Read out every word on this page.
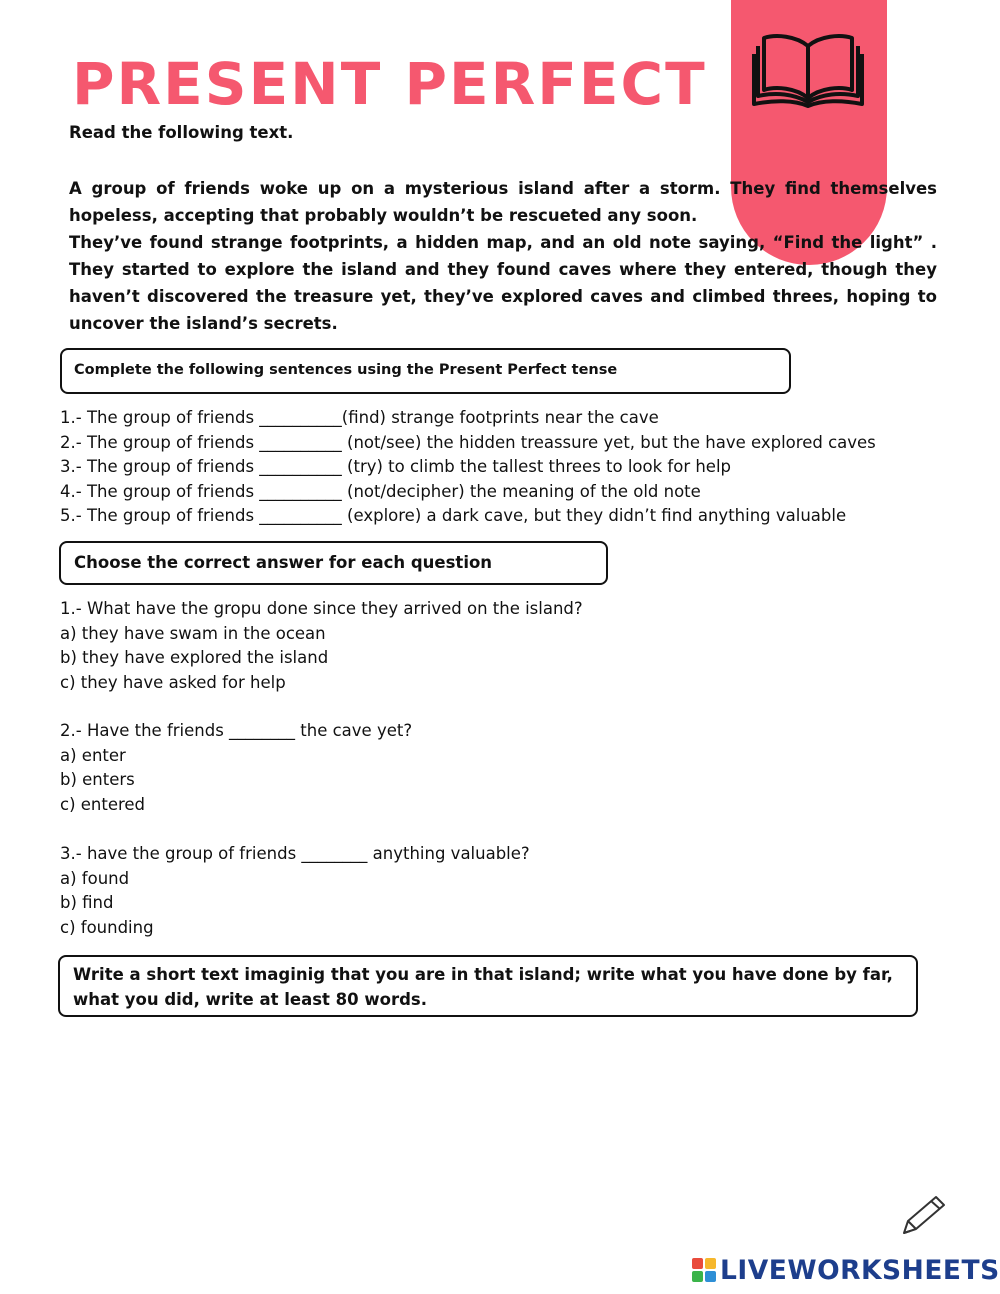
PRESENT PERFECT

Read the following text.

A group of friends woke up on a mysterious island after a storm. They find themselves hopeless, accepting that probably wouldn’t be rescueted any soon.

They’ve found strange footprints, a hidden map, and an old note saying, “Find the light” . They started to explore the island and they found caves where they entered, though they haven’t discovered the treasure yet, they’ve explored caves and climbed threes, hoping to uncover the island’s secrets.

Complete the following sentences using the Present Perfect tense
1.- The group of friends __________(find) strange footprints near the cave
2.- The group of friends __________ (not/see) the hidden treassure yet, but the have explored caves
3.- The group of friends __________ (try) to climb the tallest threes to look for help
4.- The group of friends __________ (not/decipher) the meaning of the old note
5.- The group of friends __________ (explore) a dark cave, but they didn’t find anything valuable
Choose the correct answer for each question
1.- What have the gropu done since they arrived on the island?
a) they have swam in the ocean
b) they have explored the island
c) they have asked for help
2.- Have the friends ________ the cave yet?
a) enter
b) enters
c) entered
3.- have the group of friends ________ anything valuable?
a) found
b) find
c) founding
Write a short text imaginig that you are in that island; write what you have done by far, what you did, write at least 80 words.
LIVEWORKSHEETS
